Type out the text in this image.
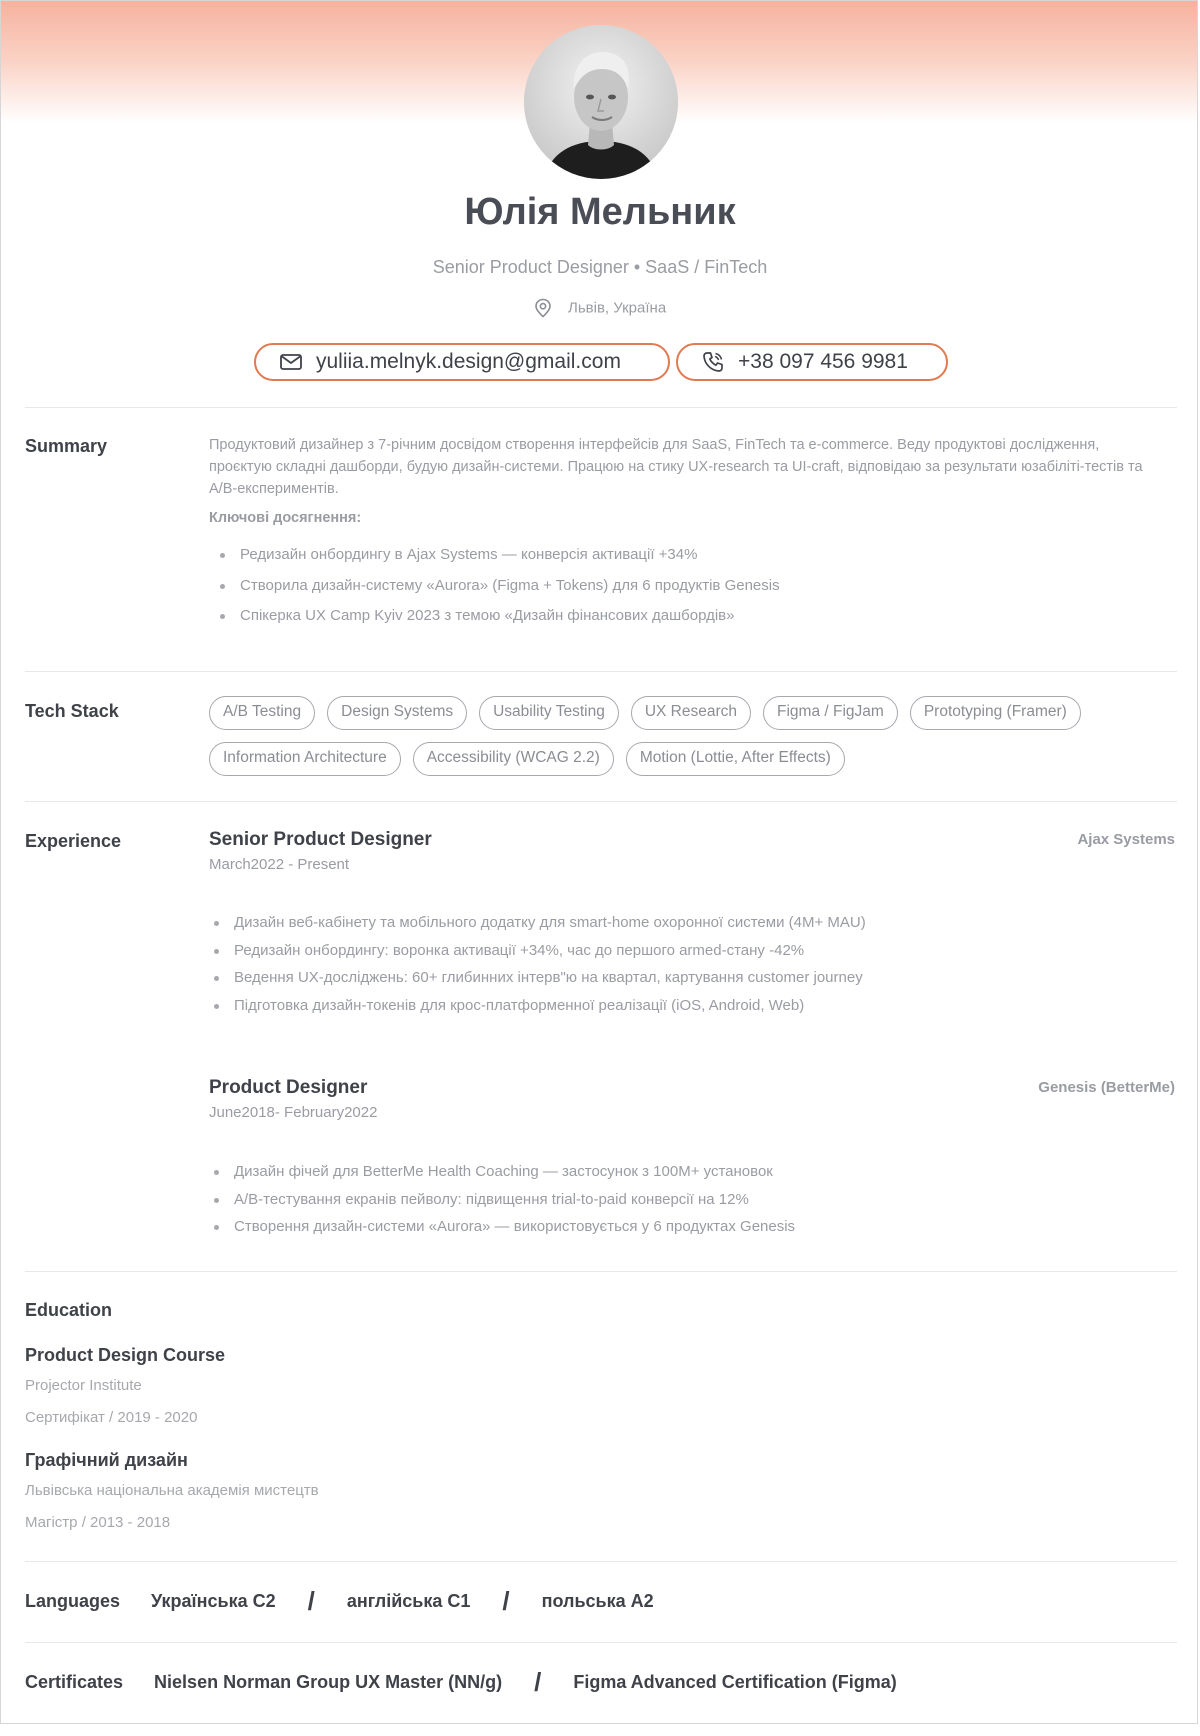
Юлія Мельник
Senior Product Designer • SaaS / FinTech
Львів, Україна
yuliia.melnyk.design@gmail.com	+38 097 456 9981
Summary	Продуктовий дизайнер з 7-річним досвідом створення інтерфейсів для SaaS, FinTech та e-commerce. Веду продуктові дослідження, проєктую складні дашборди, будую дизайн-системи. Працюю на стику UX-research та UI-craft, відповідаю за результати юзабіліті-тестів та A/B-експериментів.
Ключові досягнення:
Редизайн онбордингу в Ajax Systems — конверсія активації +34%
Створила дизайн-систему «Aurora» (Figma + Tokens) для 6 продуктів Genesis
Спікерка UX Camp Kyiv 2023 з темою «Дизайн фінансових дашбордів»
Tech Stack	A/B Testing	Design Systems	Usability Testing	UX Research	Figma / FigJam	Prototyping (Framer)
Information Architecture	Accessibility (WCAG 2.2)	Motion (Lottie, After Effects)
Experience	Senior Product Designer	Ajax Systems
March2022 - Present
Дизайн веб-кабінету та мобільного додатку для smart-home охоронної системи (4M+ MAU)
Редизайн онбордингу: воронка активації +34%, час до першого armed-стану -42%
Ведення UX-досліджень: 60+ глибинних інтерв"ю на квартал, картування customer journey
Підготовка дизайн-токенів для крос-платформенної реалізації (iOS, Android, Web)
Product Designer	Genesis (BetterMe)
June2018- February2022
Дизайн фічей для BetterMe Health Coaching — застосунок з 100M+ установок
A/B-тестування екранів пейволу: підвищення trial-to-paid конверсії на 12%
Створення дизайн-системи «Aurora» — використовується у 6 продуктах Genesis
Education
Product Design Course
Projector Institute
Сертифікат / 2019 - 2020
Графічний дизайн
Львівська національна академія мистецтв
Магістр / 2013 - 2018
Languages Українська C2 / англійська C1 / польська A2
Certificates Nielsen Norman Group UX Master (NN/g) / Figma Advanced Certification (Figma)
